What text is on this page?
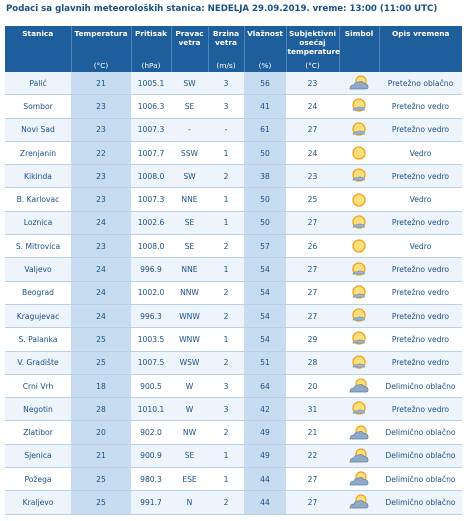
Podaci sa glavnih meteoroloških stanica: NEDELJA 29.09.2019. vreme: 13:00 (11:00 UTC)
Stanica	Temperatura	Pritisak	Pravac vetra	Brzina vetra	Vlažnost	Subjektivni osećaj temperature	Simbol	Opis vremena
	(°C)	(hPa)		(m/s)	(%)	(°C)		
Palić	21	1005.1	SW	3	56	23		Pretežno oblačno
Sombor	23	1006.3	SE	3	41	24		Pretežno vedro
Novi Sad	23	1007.3	-	-	61	27		Pretežno vedro
Zrenjanin	22	1007.7	SSW	1	50	24		Vedro
Kikinda	23	1008.0	SW	2	38	23		Pretežno vedro
B. Karlovac	23	1007.3	NNE	1	50	25		Vedro
Loznica	24	1002.6	SE	1	50	27		Pretežno vedro
S. Mitrovica	23	1008.0	SE	2	57	26		Vedro
Valjevo	24	996.9	NNE	1	54	27		Pretežno vedro
Beograd	24	1002.0	NNW	2	54	27		Pretežno vedro
Kragujevac	24	996.3	WNW	2	54	27		Pretežno vedro
S. Palanka	25	1003.5	WNW	1	54	29		Pretežno vedro
V. Gradište	25	1007.5	WSW	2	51	28		Pretežno vedro
Crni Vrh	18	900.5	W	3	64	20		Delimično oblačno
Negotin	28	1010.1	W	3	42	31		Pretežno vedro
Zlatibor	20	902.0	NW	2	49	21		Delimično oblačno
Sjenica	21	900.9	SE	1	49	22		Delimično oblačno
Požega	25	980.3	ESE	1	44	27		Delimično oblačno
Kraljevo	25	991.7	N	2	44	27		Delimično oblačno
